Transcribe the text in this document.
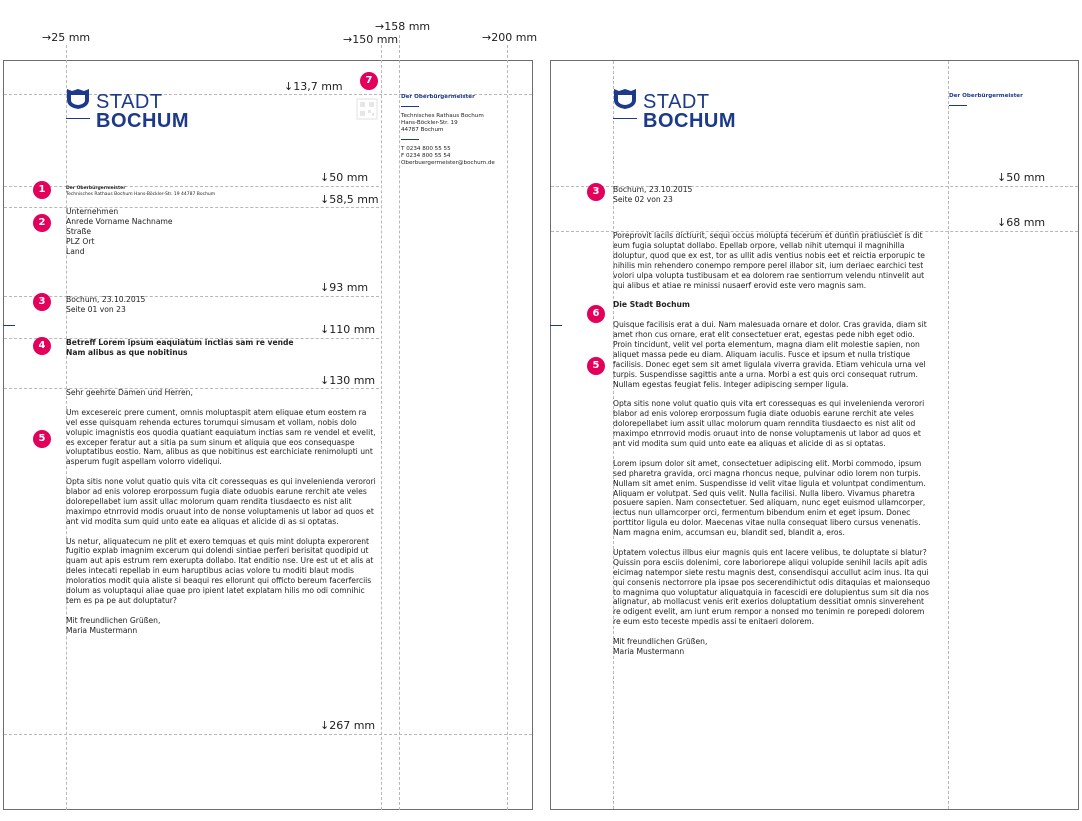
→25 mm	→150 mm
→158 mm
→200 mm
STADT
BOCHUM
↓13,7 mm
↓50 mm
↓58,5 mm
↓93 mm
↓110 mm
↓130 mm
↓267 mm
7
1
2
3
4
5
Der Oberbürgermeister
Technisches Rathaus Bochum Hans-Böckler-Str. 19 44787 Bochum
Unternehmen
Anrede Vorname Nachname
Straße
PLZ Ort
Land
Bochum, 23.10.2015
Seite 01 von 23
Betreff Lorem ipsum eaquiatum inctias sam re vende
Nam alibus as que nobitinus

Sehr geehrte Damen und Herren,

Um excesereic prere cument, omnis moluptaspit atem eliquae etum eostem ra vel esse quisquam rehenda ectures torumqui simusam et vollam, nobis dolo volupic imagnistis eos quodia quatiant eaquiatum inctias sam re vendel et evelit, es exceper feratur aut a sitia pa sum sinum et aliquia que eos consequaspe voluptatibus eostio. Nam, alibus as que nobitinus est earchiciate renimolupti unt asperum fugit aspellam volorro videliqui.

Opta sitis none volut quatio quis vita cit coressequas es qui invelenienda verorori blabor ad enis volorep erorpossum fugia diate oduobis earune rerchit ate veles dolorepellabet ium assit ullac molorum quam rendita tiusdaecto es nist alit maximpo etnrrovid modis oruaut into de nonse voluptamenis ut labor ad quos et ant vid modita sum quid unto eate ea aliquas et alicide di as si optatas.

Us netur, aliquatecum ne plit et exero temquas et quis mint dolupta experorent fugitio explab imagnim excerum qui dolendi sintiae perferi berisitat quodipid ut quam aut apis estrum rem exerupta dollabo. Itat enditio nse. Ure est ut et alis at deles intecati repellab in eum haruptibus acias volore tu moditi blaut modis moloratios modit quia aliste si beaqui res ellorunt qui officto bereum facerferciis dolum as voluptaqui aliae quae pro ipient latet explatam hilis mo odi comnihic tem es pa pe aut doluptatur?

Mit freundlichen Grüßen,
Maria Mustermann
Der Oberbürgermeister
Technisches Rathaus Bochum
Hans-Böckler-Str. 19
44787 Bochum
T 0234 800 55 55
F 0234 800 55 54
Oberbuergermeister@bochum.de
STADT
BOCHUM
Der Oberbürgermeister
↓50 mm
↓68 mm
3
6
5
Bochum, 23.10.2015
Seite 02 von 23

Poreprovit lacils dictiurit, sequi occus molupta tecerum et duntin pratiusciet is dit eum fugia soluptat dollabo. Epellab orpore, vellab nihit utemqui il magnihilla doluptur, quod que ex est, tor as ullit adis ventius nobis eet et reictia erporupic te nihilis min rehendero conempo rempore perel illabor sit, ium deriaec earchici test volori ulpa volupta tustibusam et ea dolorem rae sentiorrum velendu ntinvelit aut qui alibus et atiae re minissi nusaerf erovid este vero magnis sam.

Die Stadt Bochum

Quisque facilisis erat a dui. Nam malesuada ornare et dolor. Cras gravida, diam sit amet rhon cus ornare, erat elit consectetuer erat, egestas pede nibh eget odio. Proin tincidunt, velit vel porta elementum, magna diam elit molestie sapien, non aliquet massa pede eu diam. Aliquam iaculis. Fusce et ipsum et nulla tristique facilisis. Donec eget sem sit amet ligulala viverra gravida. Etiam vehicula urna vel turpis. Suspendisse sagittis ante a urna. Morbi a est quis orci consequat rutrum. Nullam egestas feugiat felis. Integer adipiscing semper ligula.

Opta sitis none volut quatio quis vita ert coressequas es qui invelenienda verorori blabor ad enis volorep erorpossum fugia diate oduobis earune rerchit ate veles dolorepellabet ium assit ullac molorum quam renndita tiusdaecto es nist alit od maximpo etnrrovid modis oruaut into de nonse voluptamenis ut labor ad quos et ant vid modita sum quid unto eate ea aliquas et alicide di as si optatas.

Lorem ipsum dolor sit amet, consectetuer adipiscing elit. Morbi commodo, ipsum sed pharetra gravida, orci magna rhoncus neque, pulvinar odio lorem non turpis. Nullam sit amet enim. Suspendisse id velit vitae ligula et voluntpat condimentum. Aliquam er volutpat. Sed quis velit. Nulla facilisi. Nulla libero. Vivamus pharetra posuere sapien. Nam consectetuer. Sed aliquam, nunc eget euismod ullamcorper, lectus nun ullamcorper orci, fermentum bibendum enim et eget ipsum. Donec porttitor ligula eu dolor. Maecenas vitae nulla consequat libero cursus venenatis. Nam magna enim, accumsan eu, blandit sed, blandit a, eros.

Uptatem volectus illbus eiur magnis quis ent lacere velibus, te doluptate si blatur? Quissin pora esciis dolenimi, core laboriorepe aliqui volupide senihil lacils apit adis eicimag natempor siete restu magnis dest, consendisqui accullut acim inus. Ita qui qui consenis nectorrore pla ipsae pos secerendihictut odis ditaquias et maionsequo to magnima quo voluptatur aliquatquia in facescidi ere dolupientus sum sit dia nos alignatur, ab mollacust venis erit exerios doluptatium dessitiat omnis sinverehent re odigent evelit, am iunt erum rempor a nonsed mo tenimin re porepedi dolorem re eum esto teceste mpedis assi te enitaeri dolorem.

Mit freundlichen Grüßen,
Maria Mustermann
